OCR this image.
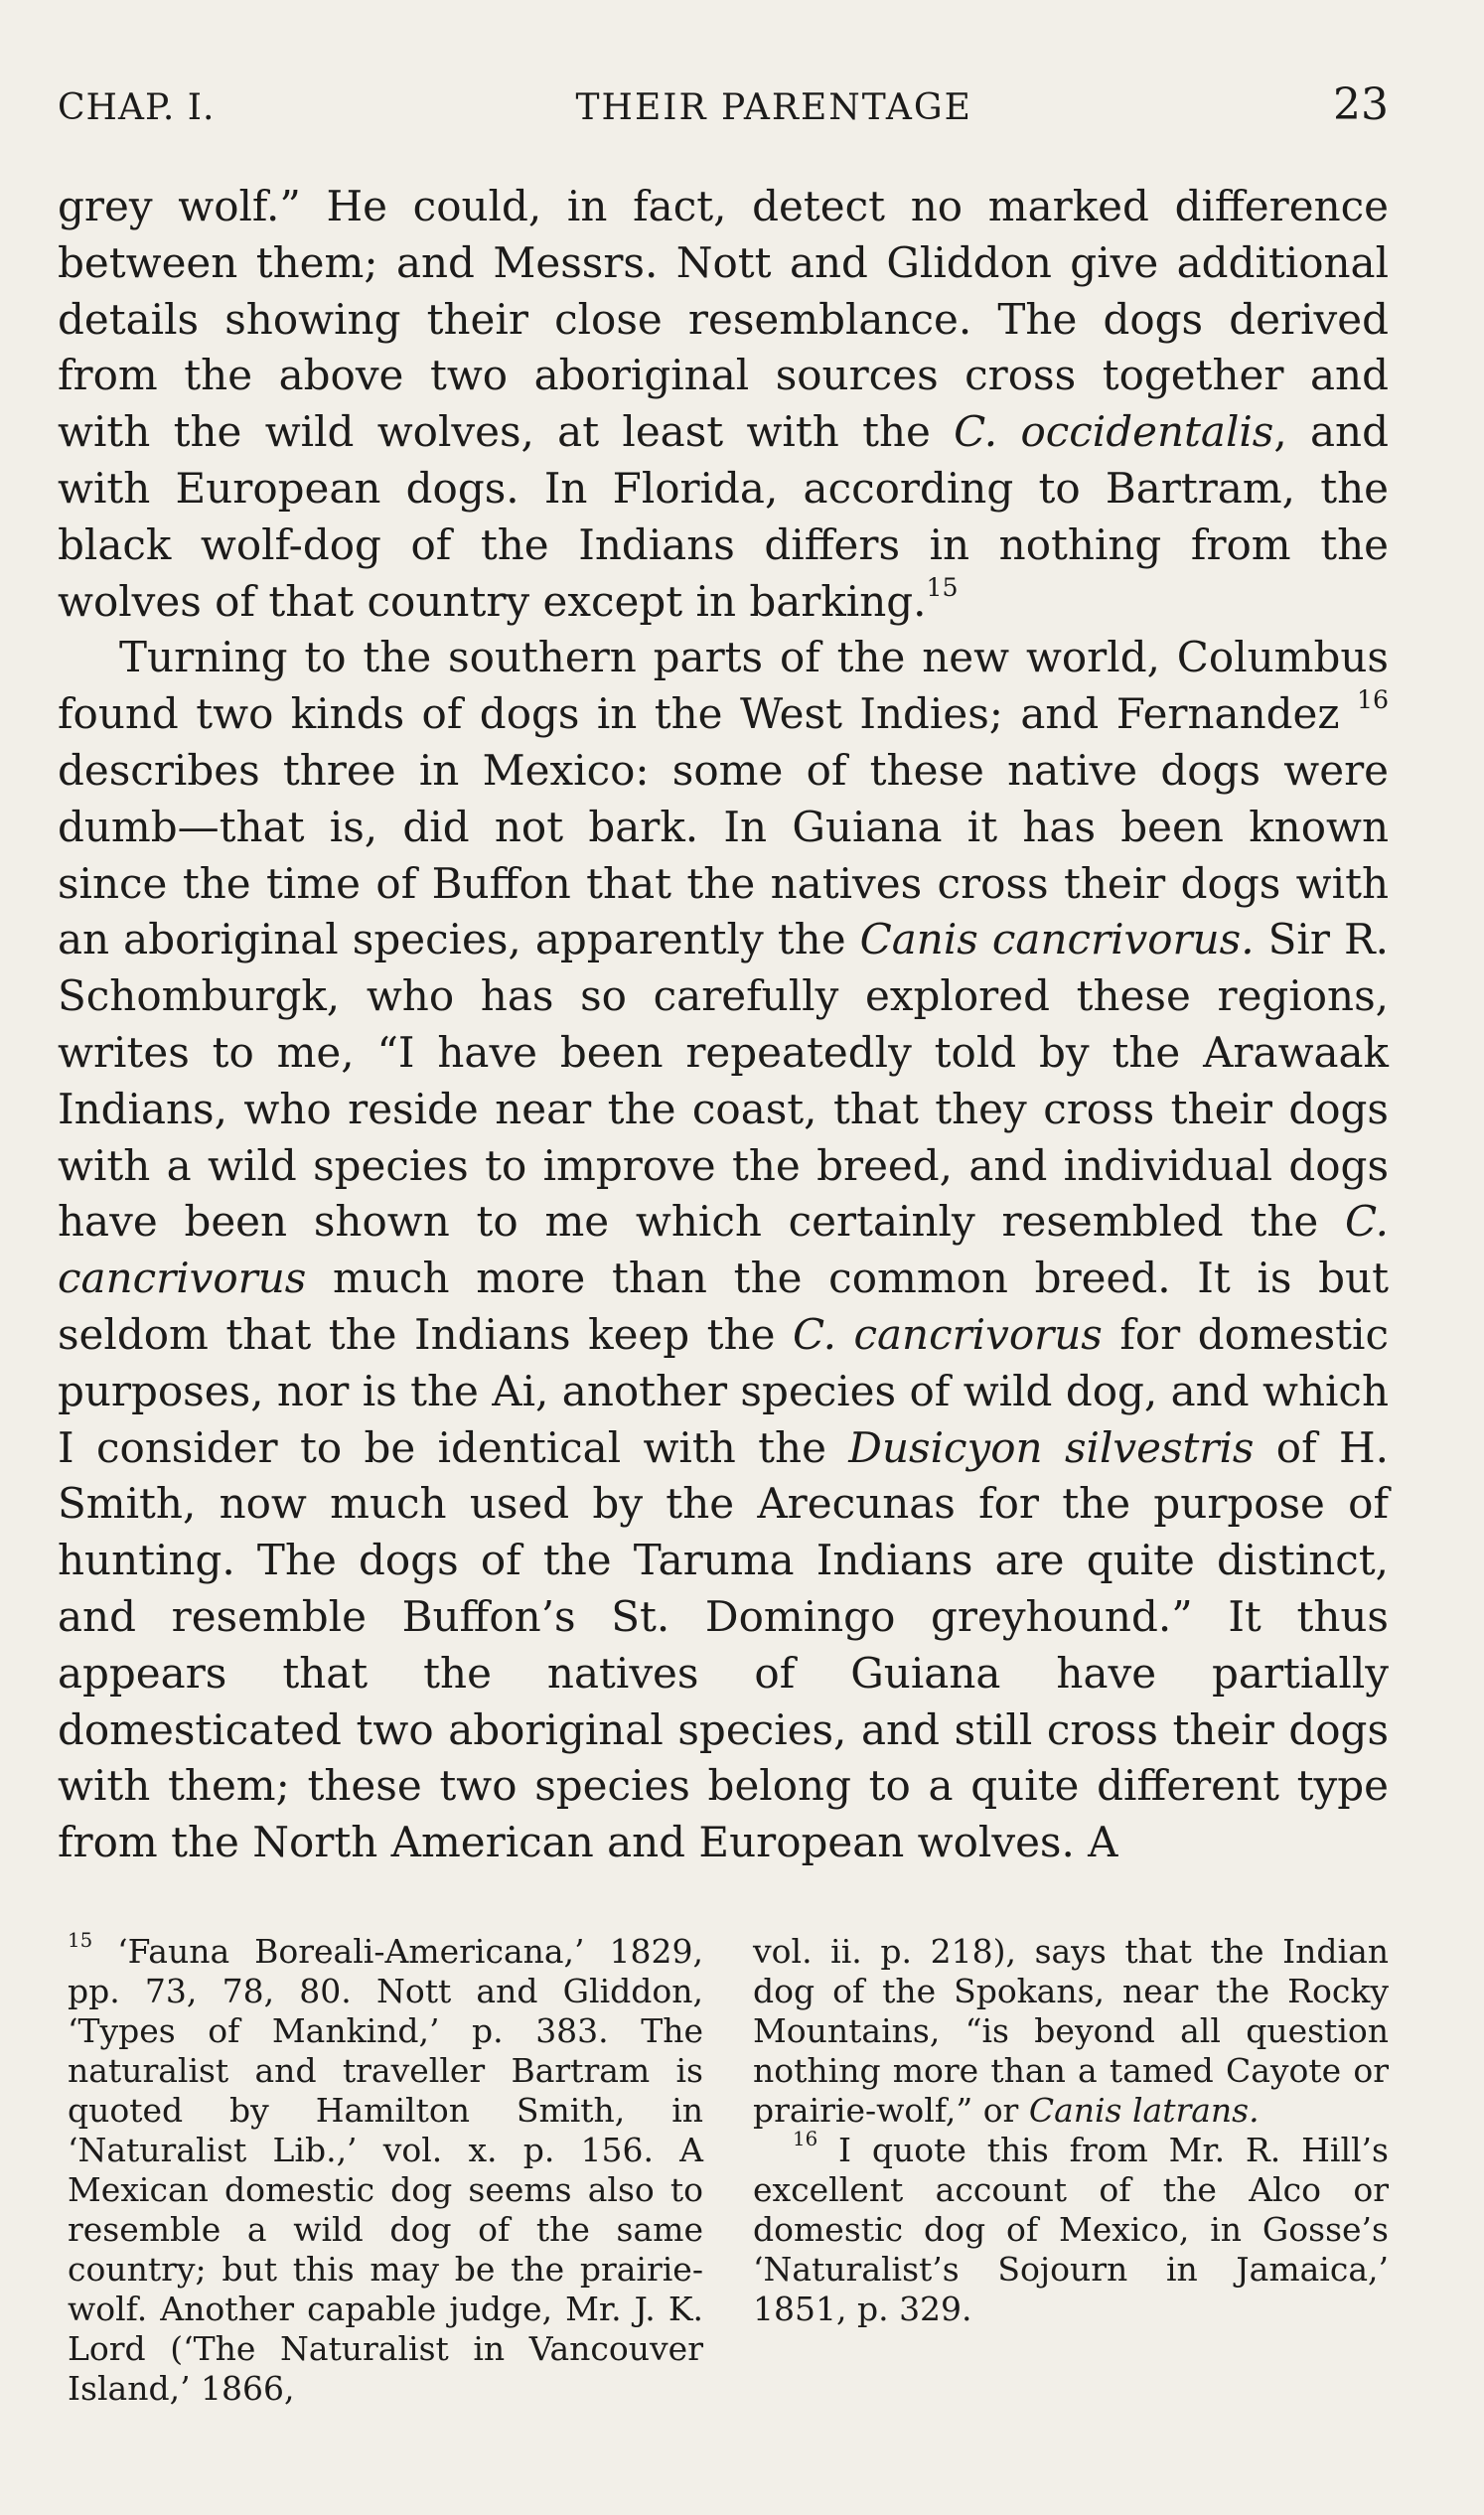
CHAP. I.	THEIR PARENTAGE	23

grey wolf.” He could, in fact, detect no marked difference between them; and Messrs. Nott and Gliddon give additional details showing their close resemblance. The dogs derived from the above two aboriginal sources cross together and with the wild wolves, at least with the C. occidentalis, and with European dogs. In Florida, according to Bartram, the black wolf-dog of the Indians differs in nothing from the wolves of that country except in barking.$^{15}$

Turning to the southern parts of the new world, Columbus found two kinds of dogs in the West Indies; and Fernandez $^{16}$ describes three in Mexico: some of these native dogs were dumb—that is, did not bark. In Guiana it has been known since the time of Buffon that the natives cross their dogs with an aboriginal species, apparently the Canis cancrivorus. Sir R. Schomburgk, who has so carefully explored these regions, writes to me, “I have been repeatedly told by the Arawaak Indians, who reside near the coast, that they cross their dogs with a wild species to improve the breed, and individual dogs have been shown to me which certainly resembled the C. cancrivorus much more than the common breed. It is but seldom that the Indians keep the C. cancrivorus for domestic purposes, nor is the Ai, another species of wild dog, and which I consider to be identical with the Dusicyon silvestris of H. Smith, now much used by the Arecunas for the purpose of hunting. The dogs of the Taruma Indians are quite distinct, and resemble Buffon’s St. Domingo greyhound.” It thus appears that the natives of Guiana have partially domesticated two aboriginal species, and still cross their dogs with them; these two species belong to a quite different type from the North American and European wolves. A

$^{15}$ ‘Fauna Boreali-Americana,’ 1829, pp. 73, 78, 80. Nott and Gliddon, ‘Types of Mankind,’ p. 383. The naturalist and traveller Bartram is quoted by Hamilton Smith, in ‘Naturalist Lib.,’ vol. x. p. 156. A Mexican domestic dog seems also to resemble a wild dog of the same country; but this may be the prairie-wolf. Another capable judge, Mr. J. K. Lord (‘The Naturalist in Vancouver Island,’ 1866,

vol. ii. p. 218), says that the Indian dog of the Spokans, near the Rocky Mountains, “is beyond all question nothing more than a tamed Cayote or prairie-wolf,” or Canis latrans.

$^{16}$ I quote this from Mr. R. Hill’s excellent account of the Alco or domestic dog of Mexico, in Gosse’s ‘Naturalist’s Sojourn in Jamaica,’ 1851, p. 329.
